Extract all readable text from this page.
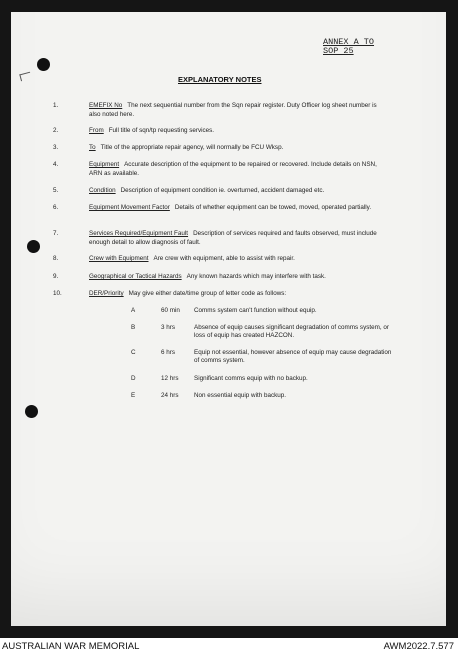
ANNEX A TO
SOP 25
EXPLANATORY NOTES
1.	EMEFIX No The next sequential number from the Sqn repair register. Duty Officer log sheet number is also noted here.
2.	From Full title of sqn/tp requesting services.
3.	To Title of the appropriate repair agency, will normally be FCU Wksp.
4.	Equipment Accurate description of the equipment to be repaired or recovered. Include details on NSN, ARN as available.
5.	Condition Description of equipment condition ie. overturned, accident damaged etc.
6.	Equipment Movement Factor Details of whether equipment can be towed, moved, operated partially.
7.	Services Required/Equipment Fault Description of services required and faults observed, must include enough detail to allow diagnosis of fault.
8.	Crew with Equipment Are crew with equipment, able to assist with repair.
9.	Geographical or Tactical Hazards Any known hazards which may interfere with task.
10.	DER/Priority May give either date/time group of letter code as follows:
A	60 min Comms system can't function without equip.
B	3 hrs	Absence of equip causes significant degradation of comms system, or loss of equip has created HAZCON.
C	6 hrs	Equip not essential, however absence of equip may cause degradation of comms system.
D	12 hrs Significant comms equip with no backup.
E	24 hrs Non essential equip with backup.
AUSTRALIAN WAR MEMORIAL	AWM2022.7.577
